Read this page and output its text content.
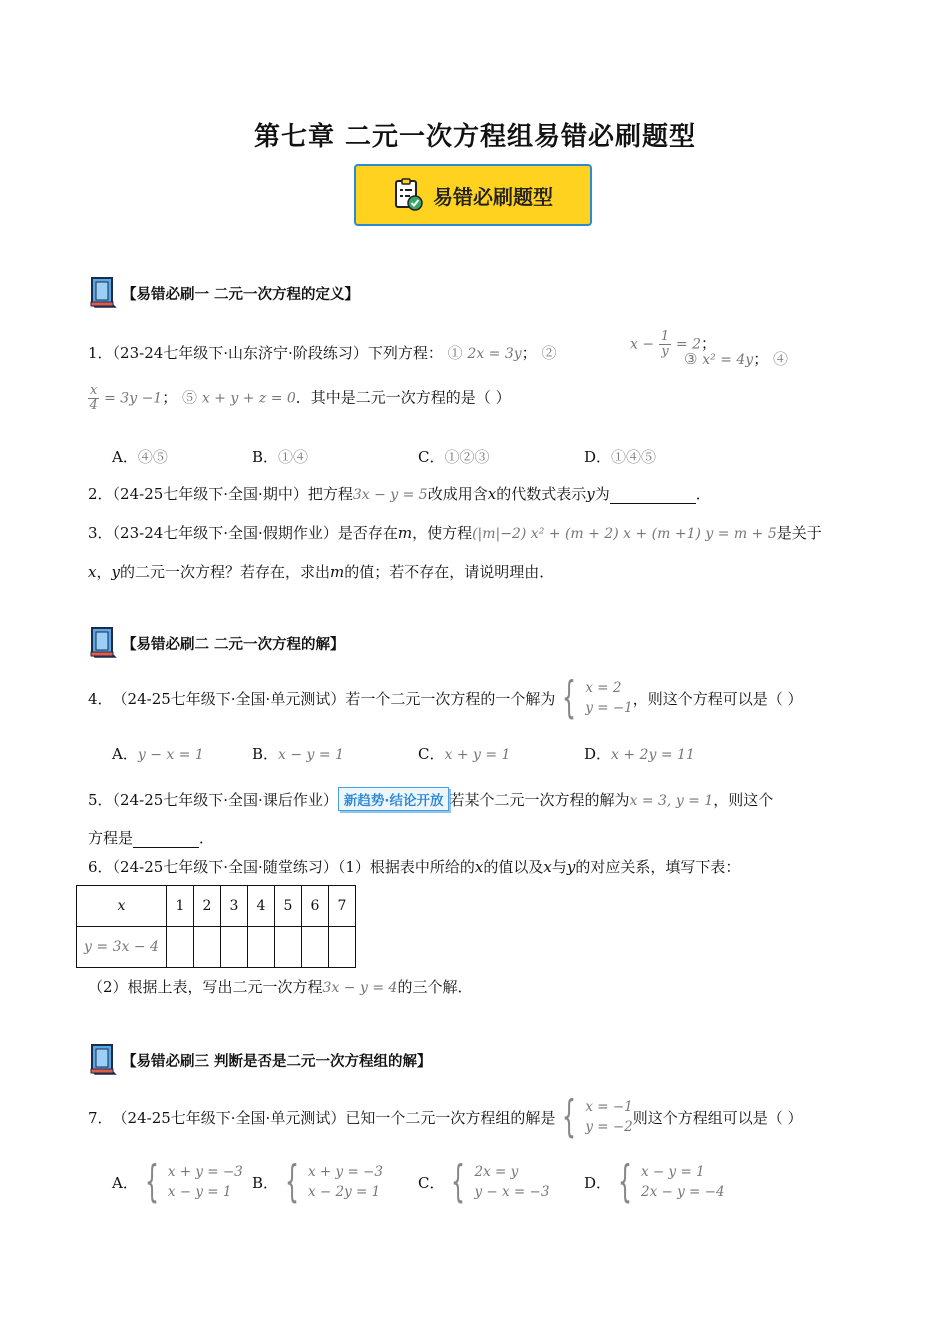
第七章 二元一次方程组易错必刷题型
易错必刷题型
【易错必刷一 二元一次方程的定义】
1．（23-24七年级下·山东济宁·阶段练习）下列方程： ① 2x = 3y； ②	$x - \frac{1}{y} = 2$；
③ x² = 4y； ④
$\frac{x}{4} = 3y -1$； ⑤ x + y + z = 0．其中是二元一次方程的是（ ）
A．④⑤	B．①④	C．①②③	D．①④⑤
2．（24-25七年级下·全国·期中）把方程3x − y = 5改成用含x的代数式表示y为	．
3．（23-24七年级下·全国·假期作业）是否存在m，使方程(|m|−2) x² + (m + 2) x + (m +1) y = m + 5是关于
x，y的二元一次方程？若存在，求出m的值；若不存在，请说明理由．
【易错必刷二 二元一次方程的解】
4． （24-25七年级下·全国·单元测试）若一个二元一次方程的一个解为 { x = 2
y = −1
，则这个方程可以是（ ）
A．y − x = 1	B．x − y = 1	C．x + y = 1	D．x + 2y = 11
5．（24-25七年级下·全国·课后作业） 新趋势·结论开放 若某个二元一次方程的解为x = 3, y = 1，则这个
方程是	．
6．（24-25七年级下·全国·随堂练习）（1）根据表中所给的x的值以及x与y的对应关系，填写下表：
x	1	2	3	4	5	6	7
y = 3x − 4							
（2）根据上表，写出二元一次方程3x − y = 4的三个解．
【易错必刷三 判断是否是二元一次方程组的解】
7． （24-25七年级下·全国·单元测试）已知一个二元一次方程组的解是 { x = −1
y = −2
则这个方程组可以是（ ）
A． { x + y = −3
x − y = 1
B． { x + y = −3
x − 2y = 1
C． { 2x = y
y − x = −3
D． { x − y = 1
2x − y = −4
